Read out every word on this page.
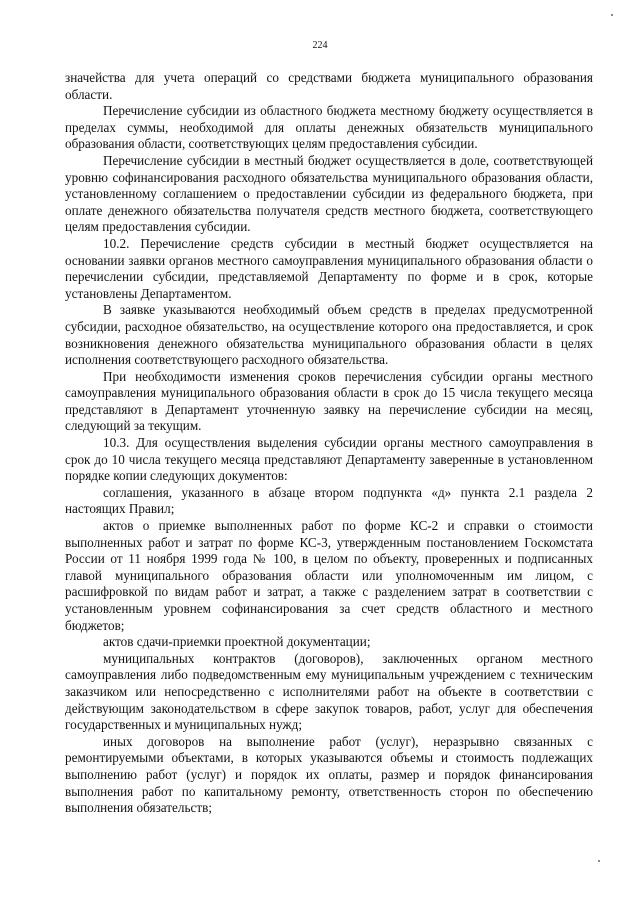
224

значейства для учета операций со средствами бюджета муниципального образования области.

Перечисление субсидии из областного бюджета местному бюджету осуществляется в пределах суммы, необходимой для оплаты денежных обязательств муниципального образования области, соответствующих целям предоставления субсидии.

Перечисление субсидии в местный бюджет осуществляется в доле, соответствующей уровню софинансирования расходного обязательства муниципального образования области, установленному соглашением о предоставлении субсидии из федерального бюджета, при оплате денежного обязательства получателя средств местного бюджета, соответствующего целям предоставления субсидии.

10.2. Перечисление средств субсидии в местный бюджет осуществляется на основании заявки органов местного самоуправления муниципального образования области о перечислении субсидии, представляемой Департаменту по форме и в срок, которые установлены Департаментом.

В заявке указываются необходимый объем средств в пределах предусмотренной субсидии, расходное обязательство, на осуществление которого она предоставляется, и срок возникновения денежного обязательства муниципального образования области в целях исполнения соответствующего расходного обязательства.

При необходимости изменения сроков перечисления субсидии органы местного самоуправления муниципального образования области в срок до 15 числа текущего месяца представляют в Департамент уточненную заявку на перечисление субсидии на месяц, следующий за текущим.

10.3. Для осуществления выделения субсидии органы местного самоуправления в срок до 10 числа текущего месяца представляют Департаменту заверенные в установленном порядке копии следующих документов:

соглашения, указанного в абзаце втором подпункта «д» пункта 2.1 раздела 2 настоящих Правил;

актов о приемке выполненных работ по форме КС-2 и справки о стоимости выполненных работ и затрат по форме КС-3, утвержденным постановлением Госкомстата России от 11 ноября 1999 года № 100, в целом по объекту, проверенных и подписанных главой муниципального образования области или уполномоченным им лицом, с расшифровкой по видам работ и затрат, а также с разделением затрат в соответствии с установленным уровнем софинансирования за счет средств областного и местного бюджетов;

актов сдачи-приемки проектной документации;

муниципальных контрактов (договоров), заключенных органом местного самоуправления либо подведомственным ему муниципальным учреждением с техническим заказчиком или непосредственно с исполнителями работ на объекте в соответствии с действующим законодательством в сфере закупок товаров, работ, услуг для обеспечения государственных и муниципальных нужд;

иных договоров на выполнение работ (услуг), неразрывно связанных с ремонтируемыми объектами, в которых указываются объемы и стоимость подлежащих выполнению работ (услуг) и порядок их оплаты, размер и порядок финансирования выполнения работ по капитальному ремонту, ответственность сторон по обеспечению выполнения обязательств;
